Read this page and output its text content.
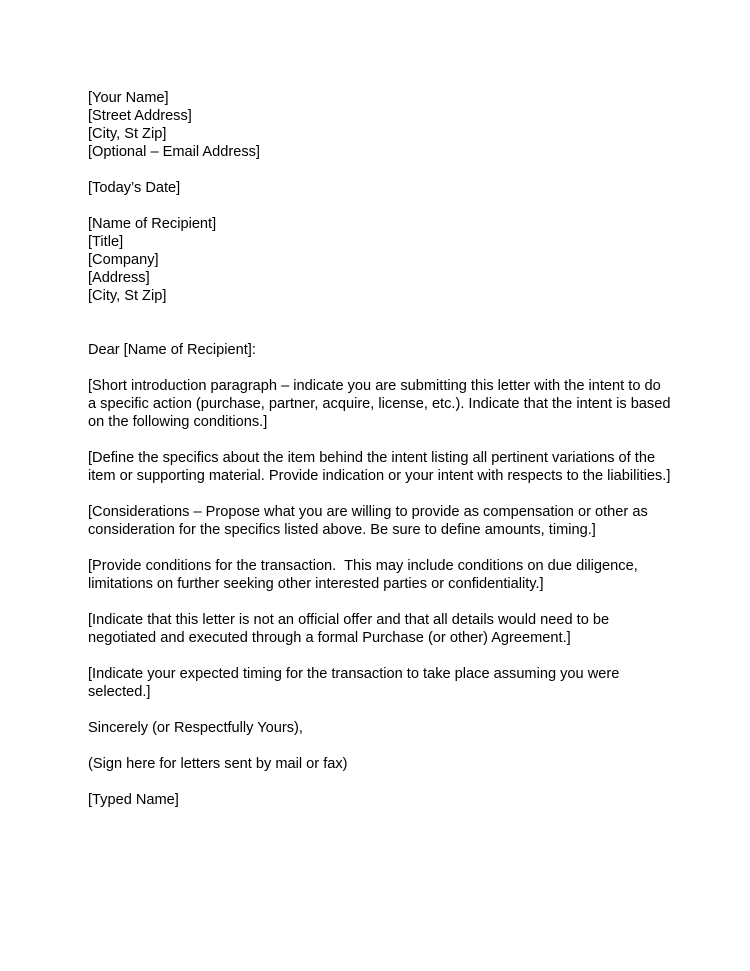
[Your Name]
[Street Address]
[City, St Zip]
[Optional – Email Address]
[Today’s Date]
[Name of Recipient]
[Title]
[Company]
[Address]
[City, St Zip]
Dear [Name of Recipient]:
[Short introduction paragraph – indicate you are submitting this letter with the intent to do
a specific action (purchase, partner, acquire, license, etc.). Indicate that the intent is based
on the following conditions.]
[Define the specifics about the item behind the intent listing all pertinent variations of the
item or supporting material. Provide indication or your intent with respects to the liabilities.]
[Considerations – Propose what you are willing to provide as compensation or other as
consideration for the specifics listed above. Be sure to define amounts, timing.]
[Provide conditions for the transaction.  This may include conditions on due diligence,
limitations on further seeking other interested parties or confidentiality.]
[Indicate that this letter is not an official offer and that all details would need to be
negotiated and executed through a formal Purchase (or other) Agreement.]
[Indicate your expected timing for the transaction to take place assuming you were
selected.]
Sincerely (or Respectfully Yours),
(Sign here for letters sent by mail or fax)
[Typed Name]
